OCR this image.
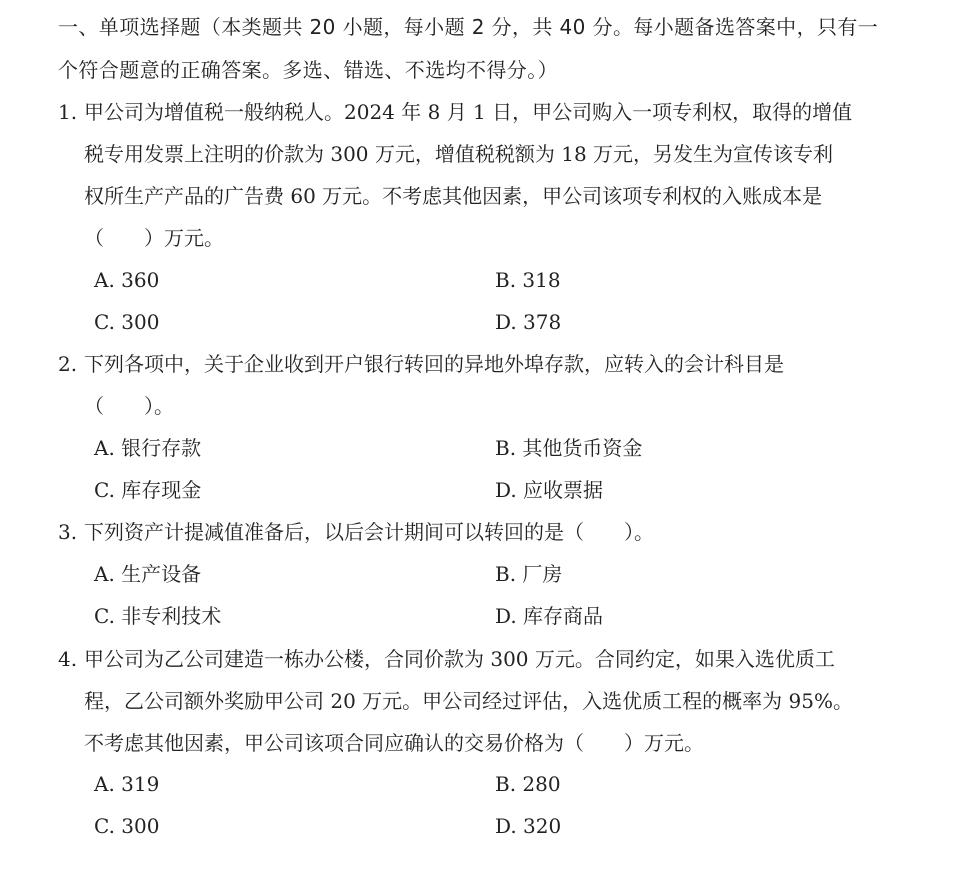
一、单项选择题（本类题共 20 小题，每小题 2 分，共 40 分。每小题备选答案中，只有一
个符合题意的正确答案。多选、错选、不选均不得分。）
1. 甲公司为增值税一般纳税人。2024 年 8 月 1 日，甲公司购入一项专利权，取得的增值
税专用发票上注明的价款为 300 万元，增值税税额为 18 万元，另发生为宣传该专利
权所生产产品的广告费 60 万元。不考虑其他因素，甲公司该项专利权的入账成本是
（　　）万元。
A. 360	B. 318
C. 300	D. 378
2. 下列各项中，关于企业收到开户银行转回的异地外埠存款，应转入的会计科目是
（　　）。
A. 银行存款	B. 其他货币资金
C. 库存现金	D. 应收票据
3. 下列资产计提减值准备后，以后会计期间可以转回的是（　　）。
A. 生产设备	B. 厂房
C. 非专利技术	D. 库存商品
4. 甲公司为乙公司建造一栋办公楼，合同价款为 300 万元。合同约定，如果入选优质工
程，乙公司额外奖励甲公司 20 万元。甲公司经过评估，入选优质工程的概率为 95%。
不考虑其他因素，甲公司该项合同应确认的交易价格为（　　）万元。
A. 319	B. 280
C. 300	D. 320
